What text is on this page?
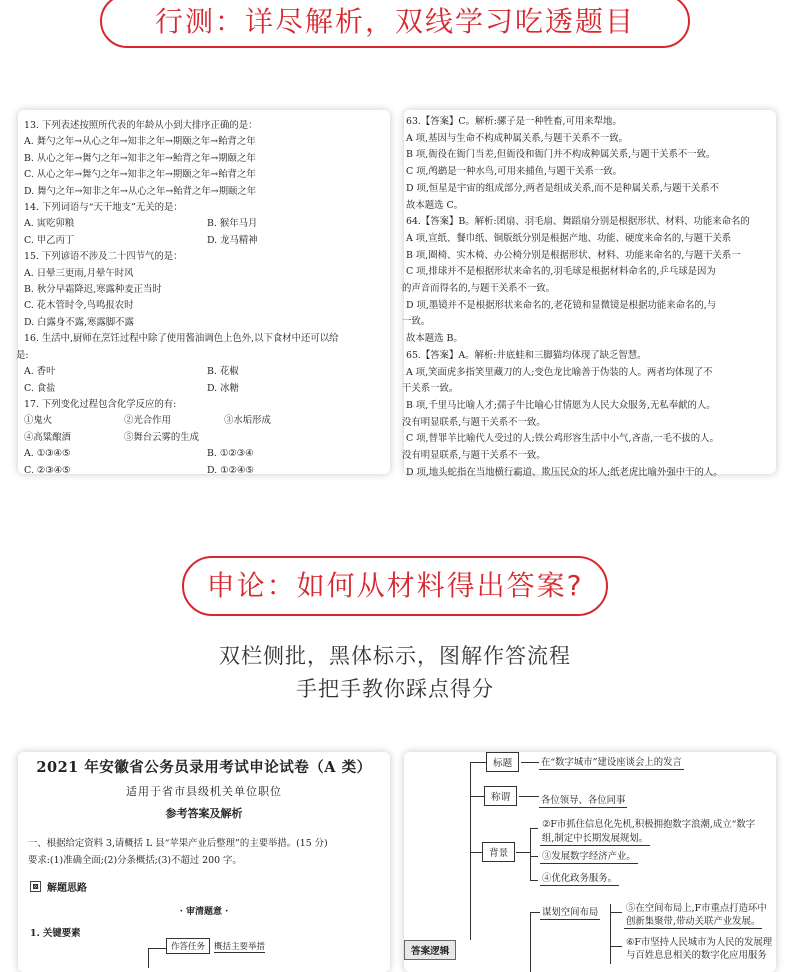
行测：详尽解析，双线学习吃透题目
13. 下列表述按照所代表的年龄从小到大排序正确的是：
A. 舞勺之年→从心之年→知非之年→期颐之年→鲐背之年
B. 从心之年→舞勺之年→知非之年→鲐背之年→期颐之年
C. 从心之年→舞勺之年→知非之年→期颐之年→鲐背之年
D. 舞勺之年→知非之年→从心之年→鲐背之年→期颐之年
14. 下列词语与“天干地支”无关的是：
A. 寅吃卯粮	B. 猴年马月
C. 甲乙丙丁	D. 龙马精神
15. 下列谚语不涉及二十四节气的是：
A. 日晕三更雨,月晕午时风
B. 秋分早霜降迟,寒露种麦正当时
C. 花木管时令,鸟鸣报农时
D. 白露身不露,寒露脚不露
16. 生活中,厨师在烹饪过程中除了使用酱油调色上色外,以下食材中还可以给
是:
A. 香叶	B. 花椒
C. 食盐	D. 冰糖
17. 下列变化过程包含化学反应的有:
①鬼火	②光合作用	③水垢形成
④高粱酿酒	⑤舞台云雾的生成
A. ①③④⑤	B. ①②③④
C. ②③④⑤	D. ①②④⑤
63.【答案】C。解析:骡子是一种牲畜,可用来犁地。
A 项,基因与生命不构成种属关系,与题干关系不一致。
B 项,衙役在衙门当差,但衙役和衙门并不构成种属关系,与题干关系不一致。
C 项,鸬鹚是一种水鸟,可用来捕鱼,与题干关系一致。
D 项,恒星是宇宙的组成部分,两者是组成关系,而不是种属关系,与题干关系不
故本题选 C。
64.【答案】B。解析:团扇、羽毛扇、舞蹈扇分别是根据形状、材料、功能来命名的
A 项,宣纸、餐巾纸、铜版纸分别是根据产地、功能、硬度来命名的,与题干关系
B 项,圈椅、实木椅、办公椅分别是根据形状、材料、功能来命名的,与题干关系一
C 项,排球并不是根据形状来命名的,羽毛球是根据材料命名的,乒乓球是因为
的声音而得名的,与题干关系不一致。
D 项,墨镜并不是根据形状来命名的,老花镜和显微镜是根据功能来命名的,与
一致。
故本题选 B。
65.【答案】A。解析:井底蛙和三脚猫均体现了缺乏智慧。
A 项,笑面虎多指笑里藏刀的人;变色龙比喻善于伪装的人。两者均体现了不
干关系一致。
B 项,千里马比喻人才;孺子牛比喻心甘情愿为人民大众服务,无私奉献的人。
没有明显联系,与题干关系不一致。
C 项,替罪羊比喻代人受过的人;铁公鸡形容生活中小气,吝啬,一毛不拔的人。
没有明显联系,与题干关系不一致。
D 项,地头蛇指在当地横行霸道、欺压民众的坏人;纸老虎比喻外强中干的人。
申论：如何从材料得出答案?
双栏侧批，黑体标示，图解作答流程
手把手教你踩点得分
2021 年安徽省公务员录用考试申论试卷（A 类）
适用于省市县级机关单位职位
参考答案及解析
一、根据给定资料 3,请概括 L 县“苹果产业后整理”的主要举措。(15 分)
要求:(1)准确全面;(2)分条概括;(3)不超过 200 字。
⊠ 解题思路
· 审清题意 ·
1. 关键要素
作答任务	概括主要举措
标题	在“数字城市”建设座谈会上的发言
称谓	各位领导、各位同事
背景
②F市抓住信息化先机,积极拥抱数字浪潮,成立“数字
组,制定中长期发展规划。
③发展数字经济产业。
④优化政务服务。
谋划空间布局	⑤在空间布局上,F市重点打造环中
创新集聚带,带动关联产业发展。
⑥F市坚持人民城市为人民的发展理
与百姓息息相关的数字化应用服务
答案逻辑
